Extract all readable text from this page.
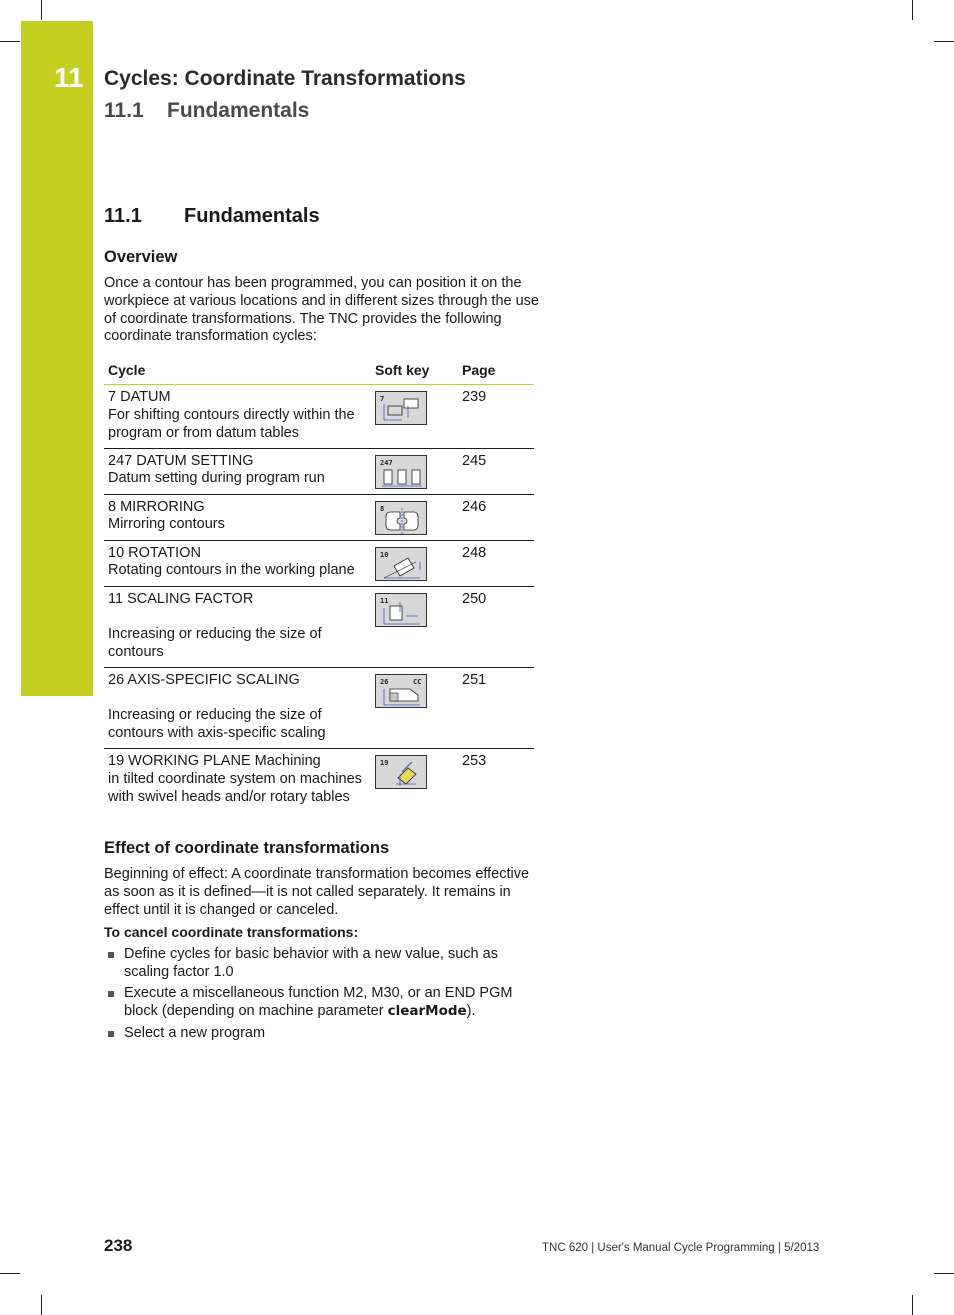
11 Cycles: Coordinate Transformations
11.1 Fundamentals
11.1 Fundamentals
Overview

Once a contour has been programmed, you can position it on the workpiece at various locations and in different sizes through the use of coordinate transformations. The TNC provides the following coordinate transformation cycles:

Cycle	Soft key	Page
7 DATUM
For shifting contours directly within the program or from datum tables	7	239
247 DATUM SETTING
Datum setting during program run	247	245
8 MIRRORING
Mirroring contours	8	246
10 ROTATION
Rotating contours in the working plane	10	248
11 SCALING FACTOR

Increasing or reducing the size of contours	11	250
26 AXIS-SPECIFIC SCALING

Increasing or reducing the size of contours with axis-specific scaling	26 CC	251
19 WORKING PLANE Machining
in tilted coordinate system on machines with swivel heads and/or rotary tables	19	253
Effect of coordinate transformations

Beginning of effect: A coordinate transformation becomes effective as soon as it is defined—it is not called separately. It remains in effect until it is changed or canceled.

To cancel coordinate transformations:
Define cycles for basic behavior with a new value, such as scaling factor 1.0
Execute a miscellaneous function M2, M30, or an END PGM block (depending on machine parameter clearMode).
Select a new program
238	TNC 620 | User's Manual Cycle Programming | 5/2013
